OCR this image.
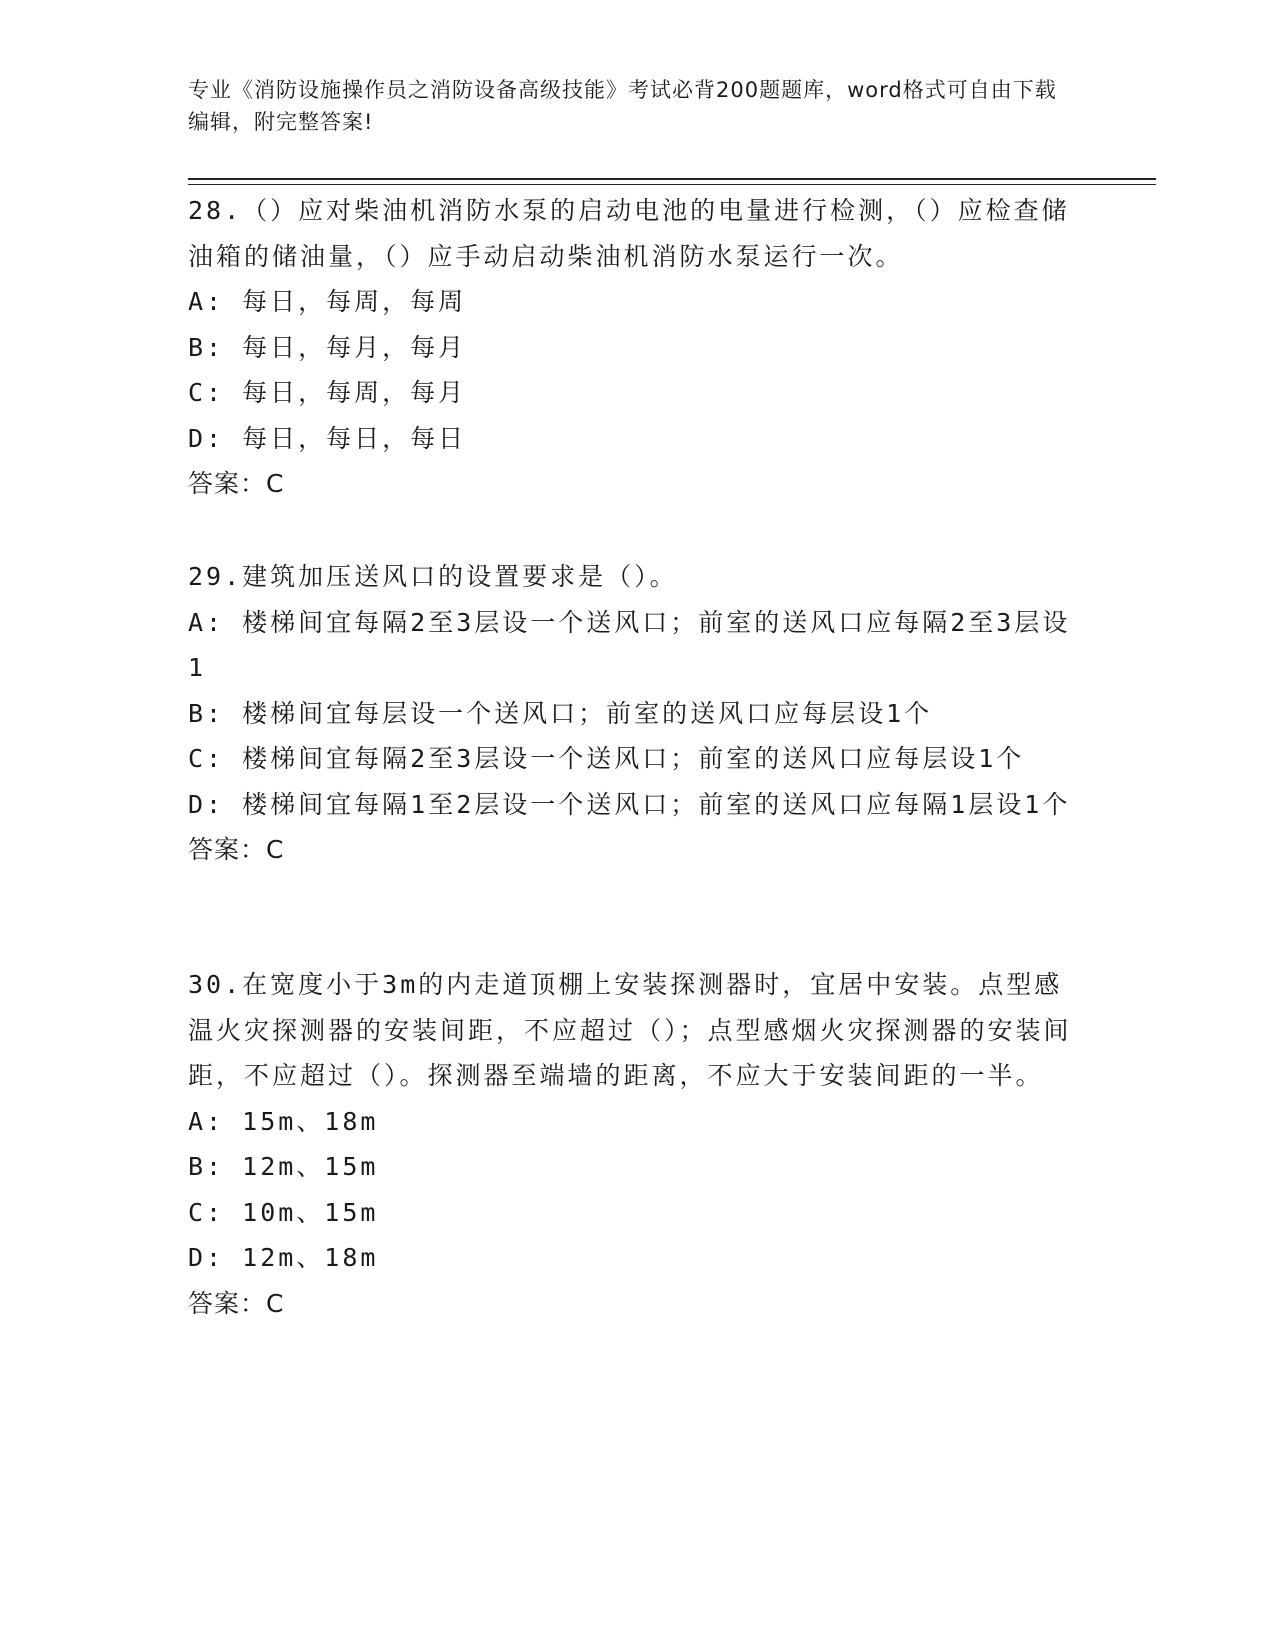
专业《消防设施操作员之消防设备高级技能》考试必背200题题库，word格式可自由下载编辑，附完整答案!
28.（）应对柴油机消防水泵的启动电池的电量进行检测，（）应检查储油箱的储油量，（）应手动启动柴油机消防水泵运行一次。
A: 每日，每周，每周
B: 每日，每月，每月
C: 每日，每周，每月
D: 每日，每日，每日
答案：C
29.建筑加压送风口的设置要求是（）。
A: 楼梯间宜每隔2至3层设一个送风口；前室的送风口应每隔2至3层设1
B: 楼梯间宜每层设一个送风口；前室的送风口应每层设1个
C: 楼梯间宜每隔2至3层设一个送风口；前室的送风口应每层设1个
D: 楼梯间宜每隔1至2层设一个送风口；前室的送风口应每隔1层设1个
答案：C
30.在宽度小于3m的内走道顶棚上安装探测器时，宜居中安装。点型感温火灾探测器的安装间距，不应超过（）；点型感烟火灾探测器的安装间距，不应超过（）。探测器至端墙的距离，不应大于安装间距的一半。
A: 15m、18m
B: 12m、15m
C: 10m、15m
D: 12m、18m
答案：C
